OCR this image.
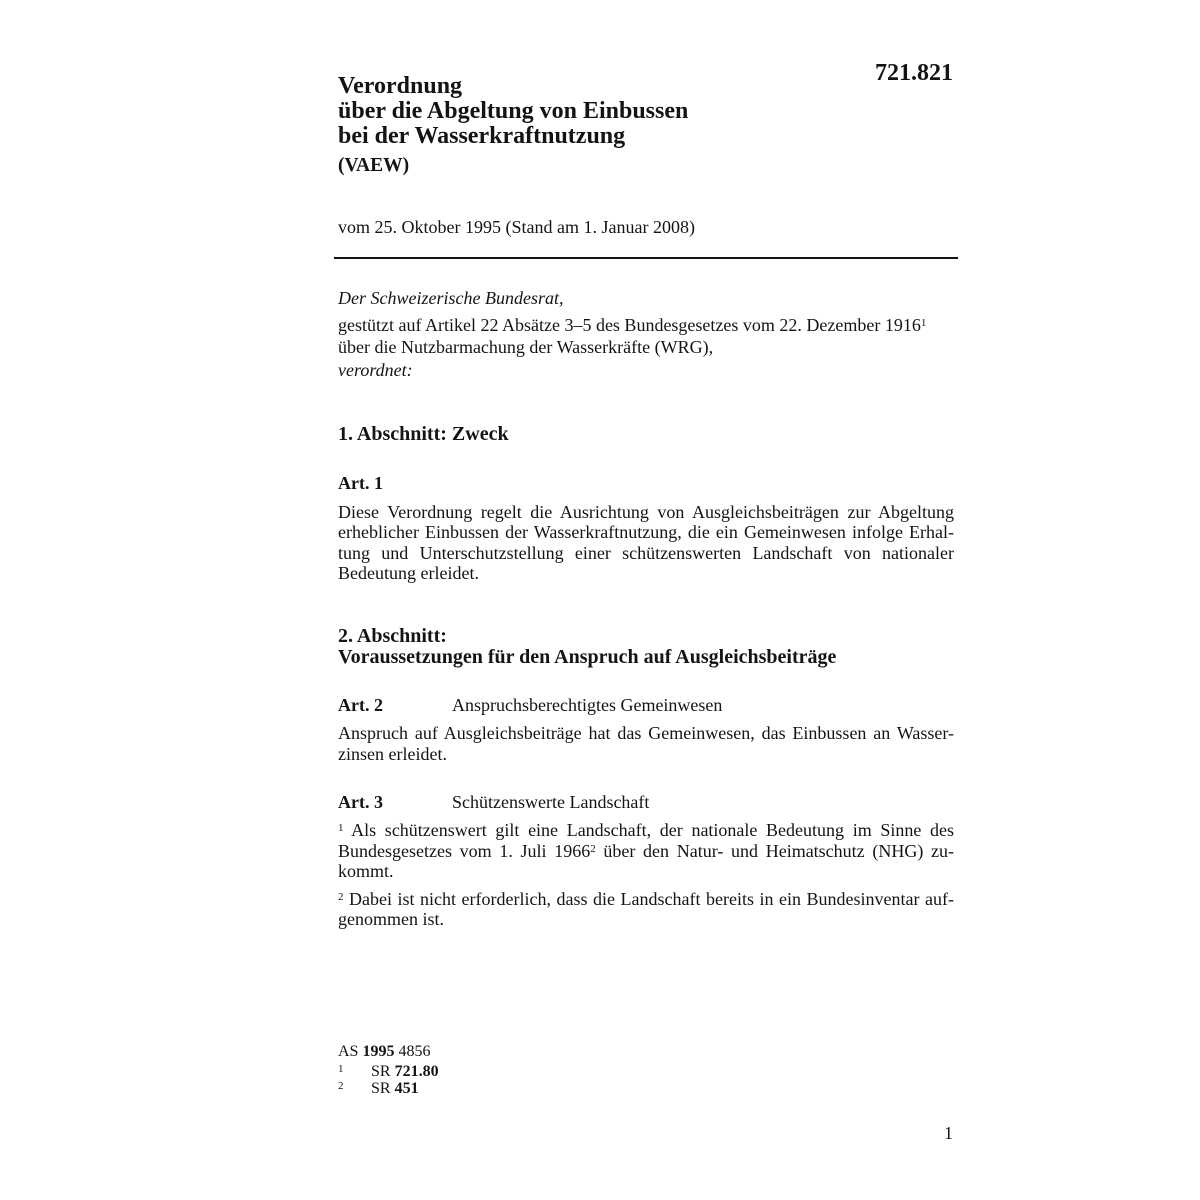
721.821
Verordnung
über die Abgeltung von Einbussen
bei der Wasserkraftnutzung
(VAEW)
vom 25. Oktober 1995 (Stand am 1. Januar 2008)
Der Schweizerische Bundesrat,
gestützt auf Artikel 22 Absätze 3–5 des Bundesgesetzes vom 22. Dezember 1916$^1$
über die Nutzbarmachung der Wasserkräfte (WRG),
verordnet:
1. Abschnitt: Zweck
Art. 1
Diese Verordnung regelt die Ausrichtung von Ausgleichsbeiträgen zur Abgeltung
erheblicher Einbussen der Wasserkraftnutzung, die ein Gemeinwesen infolge Erhal-
tung und Unterschutzstellung einer schützenswerten Landschaft von nationaler
Bedeutung erleidet.
2. Abschnitt:
Voraussetzungen für den Anspruch auf Ausgleichsbeiträge
Art. 2	Anspruchsberechtigtes Gemeinwesen
Anspruch auf Ausgleichsbeiträge hat das Gemeinwesen, das Einbussen an Wasser-
zinsen erleidet.
Art. 3	Schützenswerte Landschaft
$^1$ Als schützenswert gilt eine Landschaft, der nationale Bedeutung im Sinne des
Bundesgesetzes vom 1. Juli 1966$^2$ über den Natur- und Heimatschutz (NHG) zu-
kommt.
$^2$ Dabei ist nicht erforderlich, dass die Landschaft bereits in ein Bundesinventar auf-
genommen ist.
AS 1995 4856
1 SR 721.80
2 SR 451
1
